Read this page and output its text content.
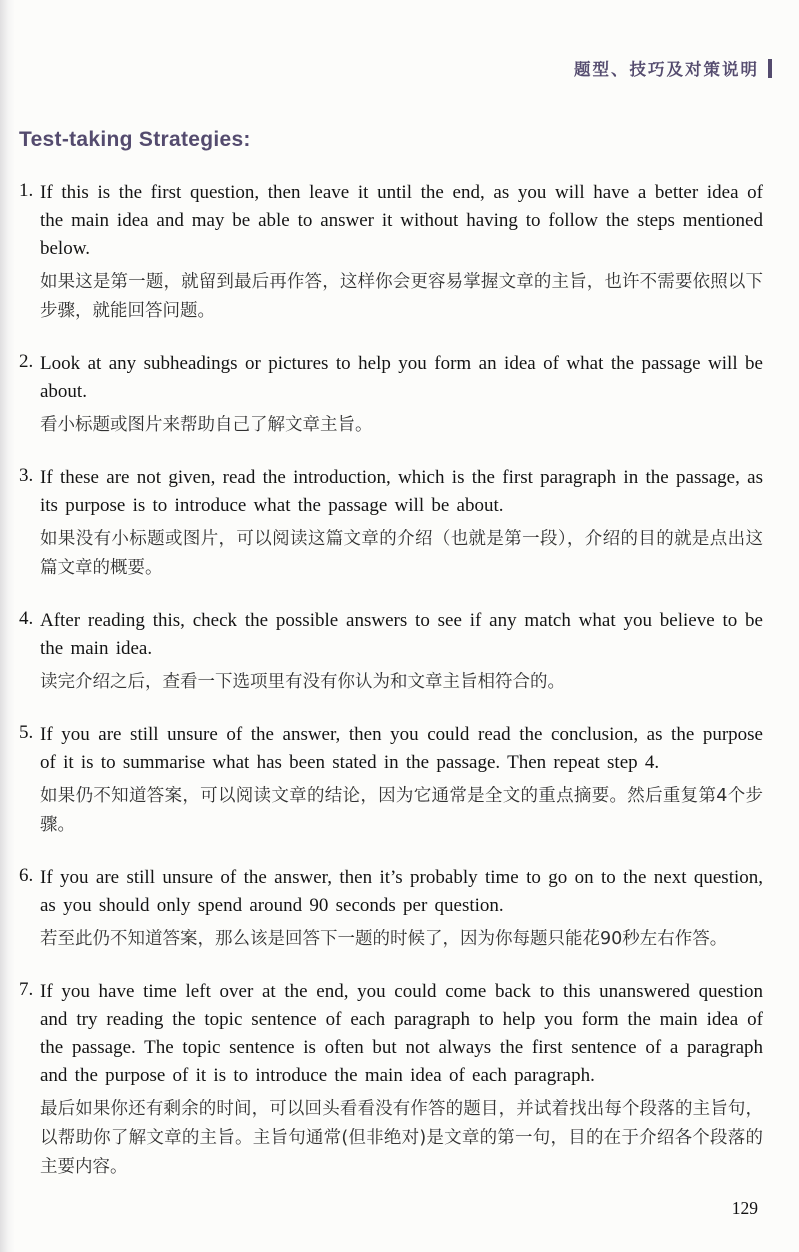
题型、技巧及对策说明
Test-taking Strategies:
1. If this is the first question, then leave it until the end, as you will have a better idea of the main idea and may be able to answer it without having to follow the steps mentioned below.

如果这是第一题，就留到最后再作答，这样你会更容易掌握文章的主旨，也许不需要依照以下步骤，就能回答问题。

2. Look at any subheadings or pictures to help you form an idea of what the passage will be about.

看小标题或图片来帮助自己了解文章主旨。

3. If these are not given, read the introduction, which is the first paragraph in the passage, as its purpose is to introduce what the passage will be about.

如果没有小标题或图片，可以阅读这篇文章的介绍（也就是第一段），介绍的目的就是点出这篇文章的概要。

4. After reading this, check the possible answers to see if any match what you believe to be the main idea.

读完介绍之后，查看一下选项里有没有你认为和文章主旨相符合的。

5. If you are still unsure of the answer, then you could read the conclusion, as the purpose of it is to summarise what has been stated in the passage. Then repeat step 4.

如果仍不知道答案，可以阅读文章的结论，因为它通常是全文的重点摘要。然后重复第4个步骤。

6. If you are still unsure of the answer, then it’s probably time to go on to the next question, as you should only spend around 90 seconds per question.

若至此仍不知道答案，那么该是回答下一题的时候了，因为你每题只能花90秒左右作答。

7. If you have time left over at the end, you could come back to this unanswered question and try reading the topic sentence of each paragraph to help you form the main idea of the passage. The topic sentence is often but not always the first sentence of a paragraph and the purpose of it is to introduce the main idea of each paragraph.

最后如果你还有剩余的时间，可以回头看看没有作答的题目，并试着找出每个段落的主旨句，以帮助你了解文章的主旨。主旨句通常(但非绝对)是文章的第一句，目的在于介绍各个段落的主要内容。

129
